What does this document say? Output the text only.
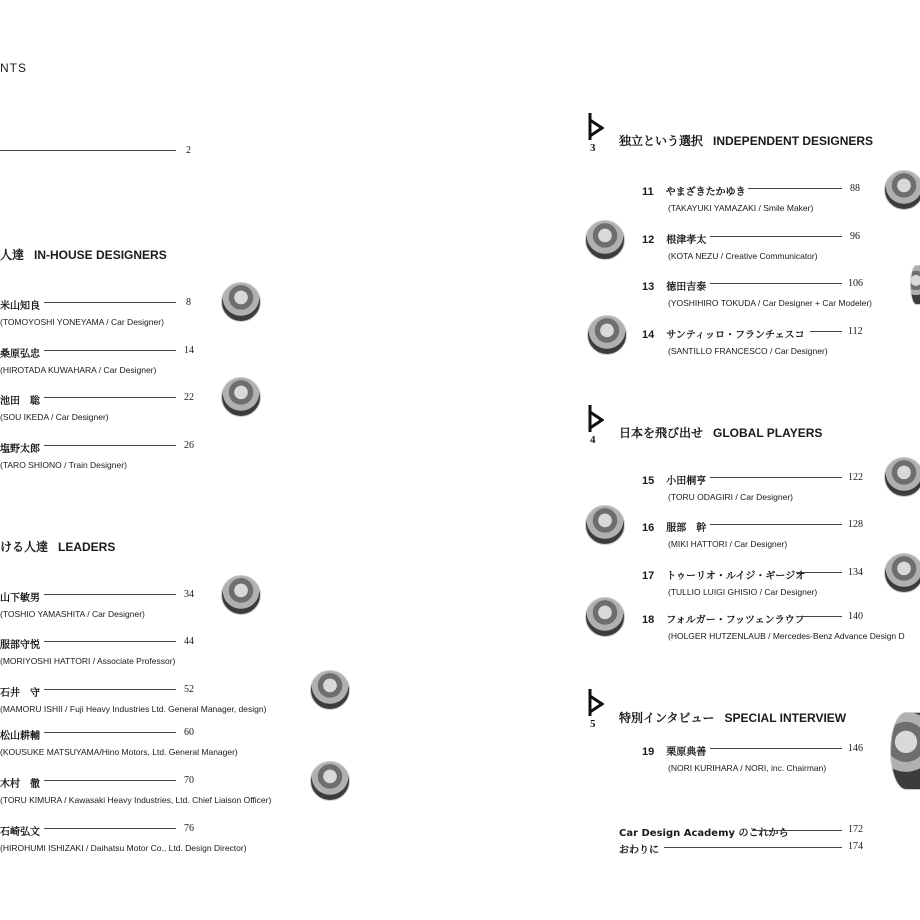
NTS
2
人達 IN-HOUSE DESIGNERS
米山知良
(TOMOYOSHI YONEYAMA / Car Designer)
8
桑原弘忠
(HIROTADA KUWAHARA / Car Designer)
14
池田　聡
(SOU IKEDA / Car Designer)
22
塩野太郎
(TARO SHIONO / Train Designer)
26
ける人達 LEADERS
山下敏男
(TOSHIO YAMASHITA / Car Designer)
34
服部守悦
(MORIYOSHI HATTORI / Associate Professor)
44
石井　守
(MAMORU ISHII / Fuji Heavy Industries Ltd. General Manager, design)
52
松山耕輔
(KOUSUKE MATSUYAMA/Hino Motors, Ltd. General Manager)
60
木村　徹
(TORU KIMURA / Kawasaki Heavy Industries, Ltd. Chief Liaison Officer)
70
石崎弘文
(HIROHUMI ISHIZAKI / Daihatsu Motor Co., Ltd. Design Director)
76
3 独立という選択 INDEPENDENT DESIGNERS
11 やまざきたかゆき
(TAKAYUKI YAMAZAKI / Smile Maker)
88
12 根津孝太
(KOTA NEZU / Creative Communicator)
96
13 徳田吉泰
(YOSHIHIRO TOKUDA / Car Designer + Car Modeler)
106
14 サンティッロ・フランチェスコ
(SANTILLO FRANCESCO / Car Designer)
112
4 日本を飛び出せ GLOBAL PLAYERS
15 小田桐亨
(TORU ODAGIRI / Car Designer)
122
16 服部　幹
(MIKI HATTORI / Car Designer)
128
17 トゥーリオ・ルイジ・ギージオ
(TULLIO LUIGI GHISIO / Car Designer)
134
18 フォルガー・フッツェンラウフ
(HOLGER HUTZENLAUB / Mercedes-Benz Advance Design D
140
5 特別インタビュー SPECIAL INTERVIEW
19 栗原典善
(NORI KURIHARA / NORI, inc. Chairman)
146
Car Design Academy のこれから	172
おわりに	174
